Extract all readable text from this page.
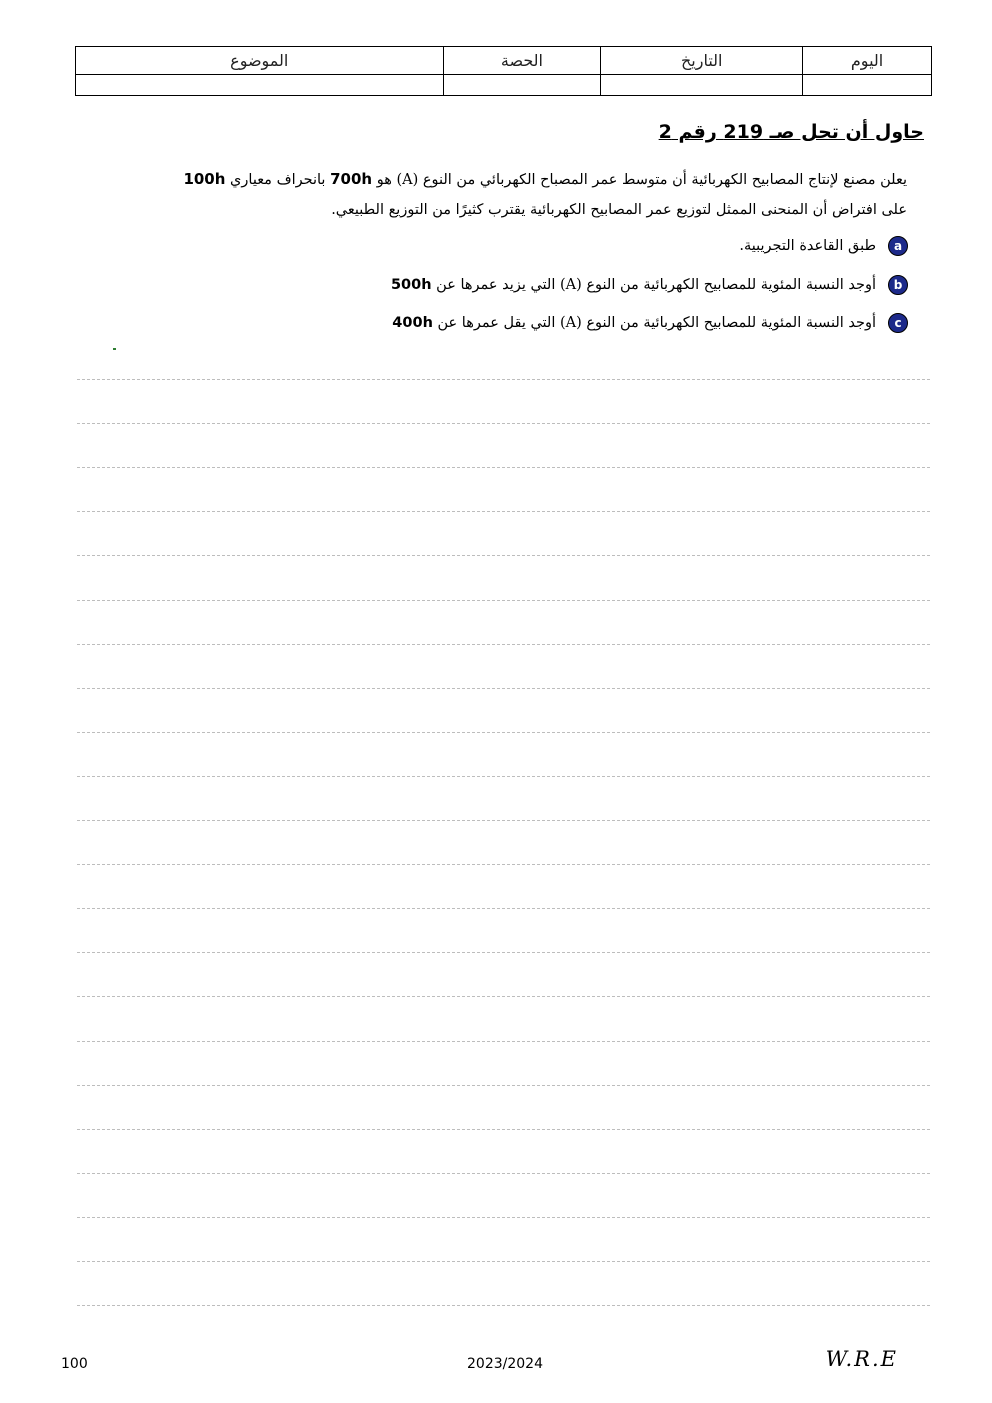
الموضوع	الحصة	التاريخ	اليوم

حاول أن تحل صـ 219 رقم 2
يعلن مصنع لإنتاج المصابيح الكهربائية أن متوسط عمر المصباح الكهربائي من النوع (A) هو 700h بانحراف معياري 100h
على افتراض أن المنحنى الممثل لتوزيع عمر المصابيح الكهربائية يقترب كثيرًا من التوزيع الطبيعي.
a
طبق القاعدة التجريبية.
b
أوجد النسبة المئوية للمصابيح الكهربائية من النوع (A) التي يزيد عمرها عن 500h
c
أوجد النسبة المئوية للمصابيح الكهربائية من النوع (A) التي يقل عمرها عن 400h
100	2023/2024	W.R.E
